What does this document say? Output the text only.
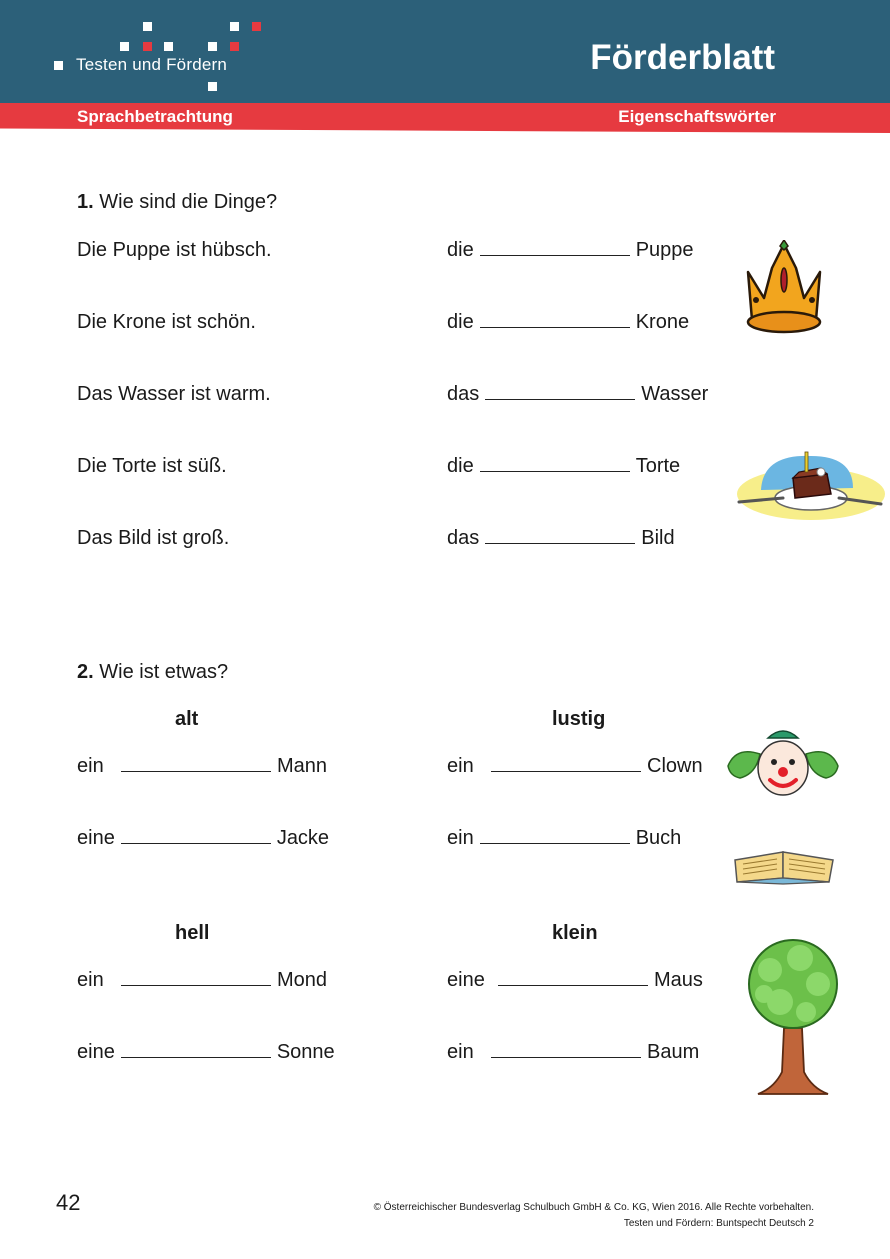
Testen und Fördern	Förderblatt
Sprachbetrachtung	Eigenschaftswörter
1. Wie sind die Dinge?
Die Puppe ist hübsch.	die	Puppe
Die Krone ist schön.	die	Krone
Das Wasser ist warm.	das	Wasser
Die Torte ist süß.	die	Torte
Das Bild ist groß.	das	Bild
2. Wie ist etwas?
alt	lustig
ein	Mann	ein	Clown
eine	Jacke	ein	Buch
hell	klein
ein	Mond	eine	Maus
eine	Sonne	ein	Baum
42	© Österreichischer Bundesverlag Schulbuch GmbH & Co. KG, Wien 2016. Alle Rechte vorbehalten.
Testen und Fördern: Buntspecht Deutsch 2
